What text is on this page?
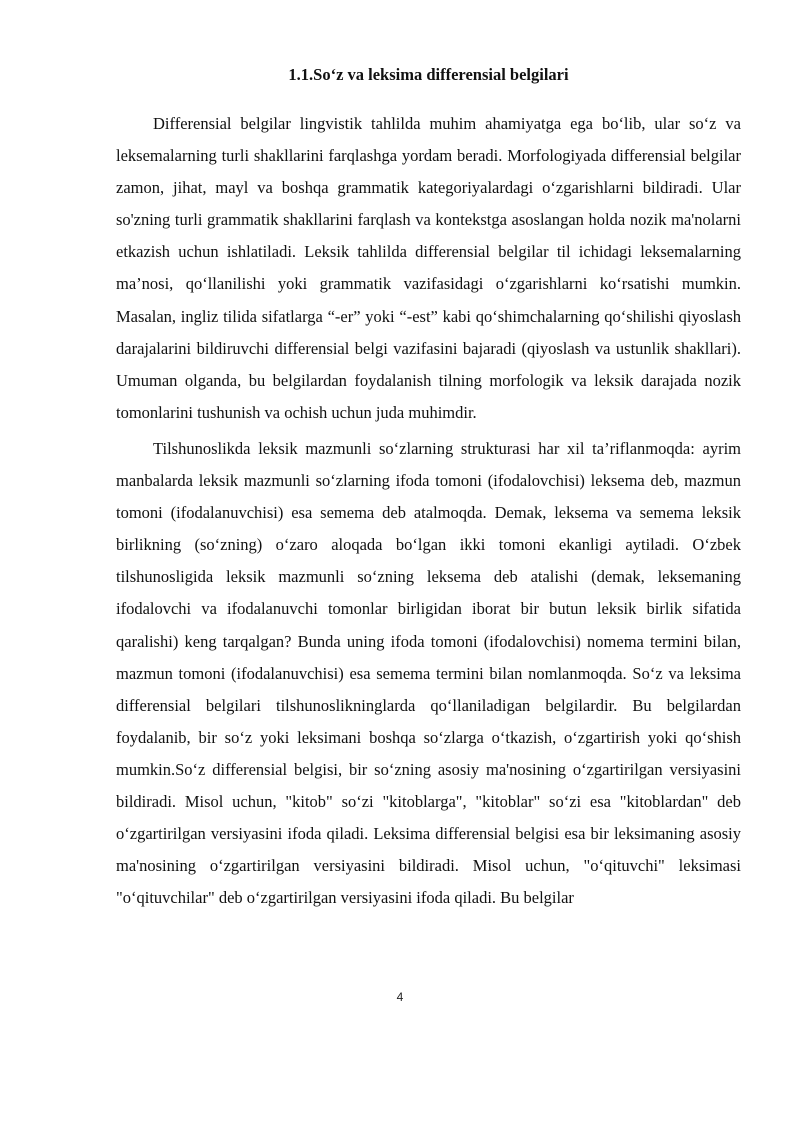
1.1.So‘z va leksima differensial belgilari

Differensial belgilar lingvistik tahlilda muhim ahamiyatga ega bo‘lib, ular so‘z va leksemalarning turli shakllarini farqlashga yordam beradi. Morfologiyada differensial belgilar zamon, jihat, mayl va boshqa grammatik kategoriyalardagi o‘zgarishlarni bildiradi. Ular so'zning turli grammatik shakllarini farqlash va kontekstga asoslangan holda nozik ma'nolarni etkazish uchun ishlatiladi. Leksik tahlilda differensial belgilar til ichidagi leksemalarning ma’nosi, qo‘llanilishi yoki grammatik vazifasidagi o‘zgarishlarni ko‘rsatishi mumkin. Masalan, ingliz tilida sifatlarga “-er” yoki “-est” kabi qo‘shimchalarning qo‘shilishi qiyoslash darajalarini bildiruvchi differensial belgi vazifasini bajaradi (qiyoslash va ustunlik shakllari). Umuman olganda, bu belgilardan foydalanish tilning morfologik va leksik darajada nozik tomonlarini tushunish va ochish uchun juda muhimdir.

Tilshunoslikda leksik mazmunli so‘zlarning strukturasi har xil ta’riflanmoqda: ayrim manbalarda leksik mazmunli so‘zlarning ifoda tomoni (ifodalovchisi) leksema deb, mazmun tomoni (ifodalanuvchisi) esa semema deb atalmoqda. Demak, leksema va semema leksik birlikning (so‘zning) o‘zaro aloqada bo‘lgan ikki tomoni ekanligi aytiladi. O‘zbek tilshunosligida leksik mazmunli so‘zning leksema deb atalishi (demak, leksemaning ifodalovchi va ifodalanuvchi tomonlar birligidan iborat bir butun leksik birlik sifatida qaralishi) keng tarqalgan? Bunda uning ifoda tomoni (ifodalovchisi) nomema termini bilan, mazmun tomoni (ifodalanuvchisi) esa semema termini bilan nomlanmoqda. So‘z va leksima differensial belgilari tilshunoslikninglarda qo‘llaniladigan belgilardir. Bu belgilardan foydalanib, bir so‘z yoki leksimani boshqa so‘zlarga o‘tkazish, o‘zgartirish yoki qo‘shish mumkin.So‘z differensial belgisi, bir so‘zning asosiy ma'nosining o‘zgartirilgan versiyasini bildiradi. Misol uchun, "kitob" so‘zi "kitoblarga", "kitoblar" so‘zi esa "kitoblardan" deb o‘zgartirilgan versiyasini ifoda qiladi. Leksima differensial belgisi esa bir leksimaning asosiy ma'nosining o‘zgartirilgan versiyasini bildiradi. Misol uchun, "o‘qituvchi" leksimasi "o‘qituvchilar" deb o‘zgartirilgan versiyasini ifoda qiladi. Bu belgilar

4
